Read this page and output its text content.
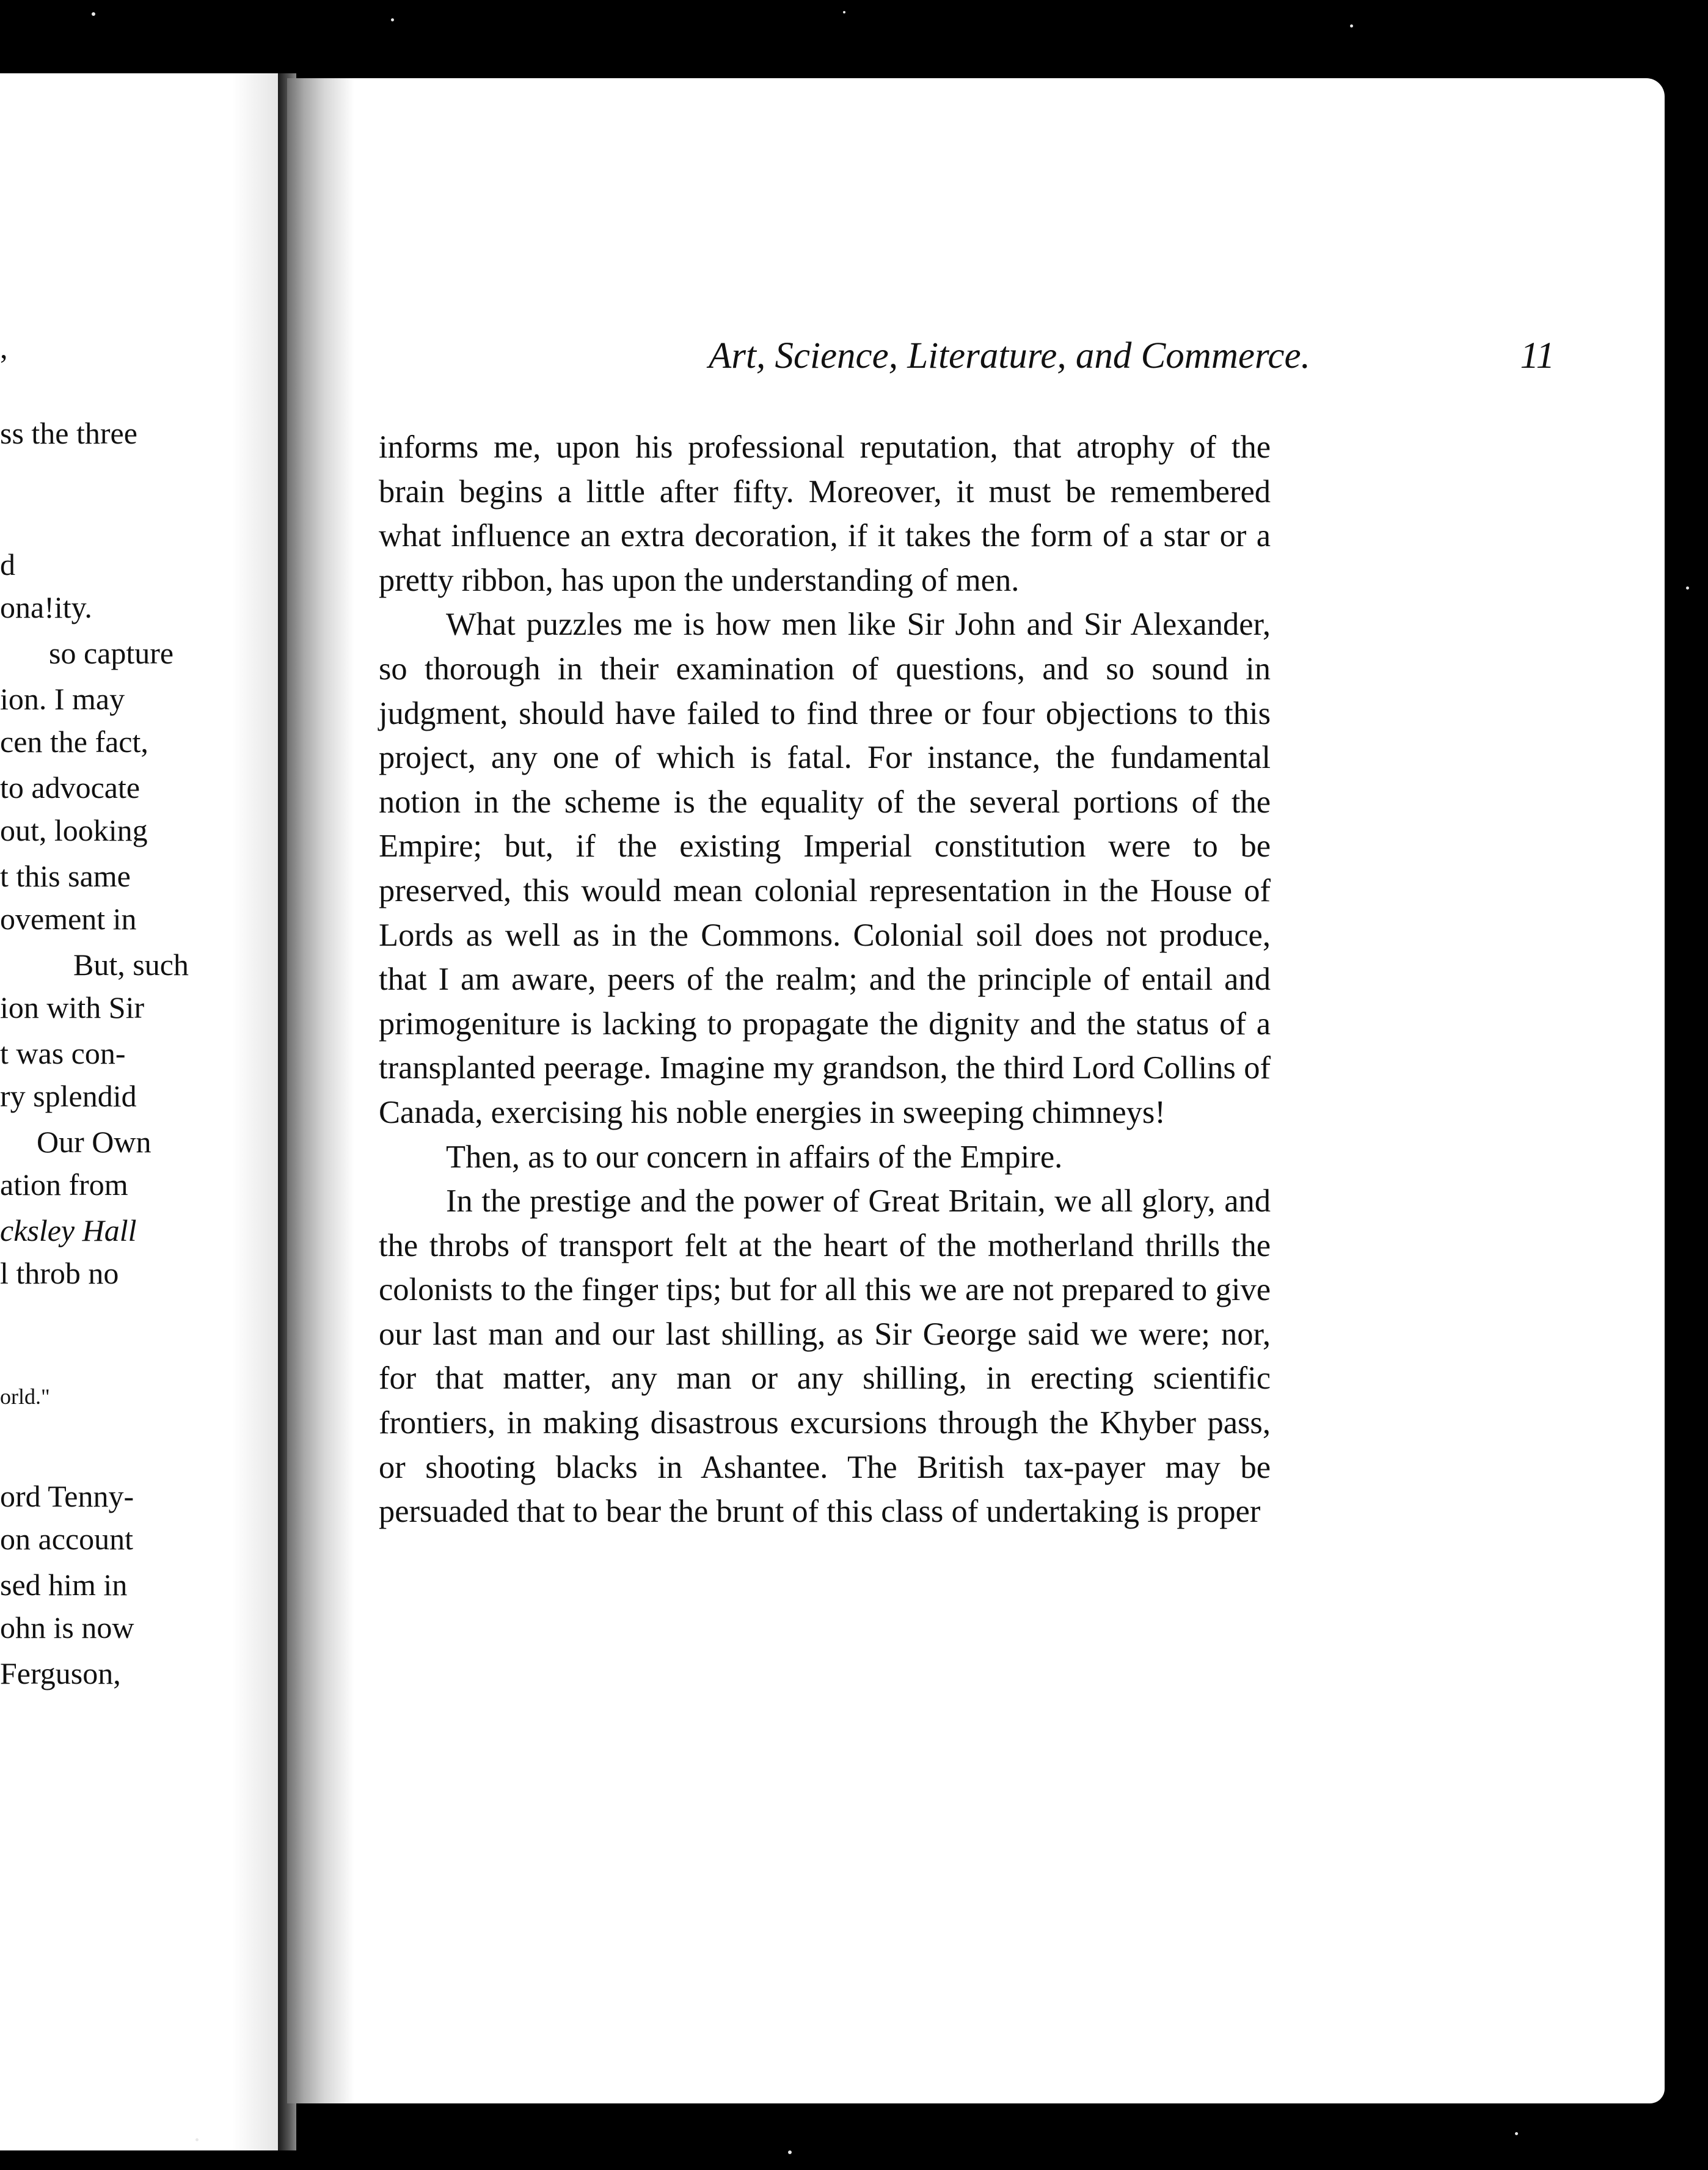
,
ss the three
d
ona!ity.
so capture
ion. I may
cen the fact,
to advocate
out, looking
t this same
ovement in
But, such
ion with Sir
t was con-
ry splendid
Our Own
ation from
cksley Hall
l throb no
orld."
ord Tenny-
on account
sed him in
ohn is now
Ferguson,
Art, Science, Literature, and Commerce.	11

informs me, upon his professional reputation, that atrophy of the brain begins a little after fifty. Moreover, it must be remembered what influence an extra decoration, if it takes the form of a star or a pretty ribbon, has upon the understanding of men.

What puzzles me is how men like Sir John and Sir Alexander, so thorough in their examination of questions, and so sound in judgment, should have failed to find three or four objections to this project, any one of which is fatal. For instance, the fundamental notion in the scheme is the equality of the several portions of the Empire; but, if the existing Imperial constitution were to be preserved, this would mean colonial representation in the House of Lords as well as in the Commons. Colonial soil does not produce, that I am aware, peers of the realm; and the principle of entail and primogeniture is lacking to propagate the dignity and the status of a transplanted peerage. Imagine my grandson, the third Lord Collins of Canada, exercising his noble energies in sweeping chimneys!

Then, as to our concern in affairs of the Empire.

In the prestige and the power of Great Britain, we all glory, and the throbs of transport felt at the heart of the motherland thrills the colonists to the finger tips; but for all this we are not prepared to give our last man and our last shilling, as Sir George said we were; nor, for that matter, any man or any shilling, in erecting scientific frontiers, in making disastrous excursions through the Khyber pass, or shooting blacks in Ashantee. The British tax-payer may be persuaded that to bear the brunt of this class of undertaking is proper
